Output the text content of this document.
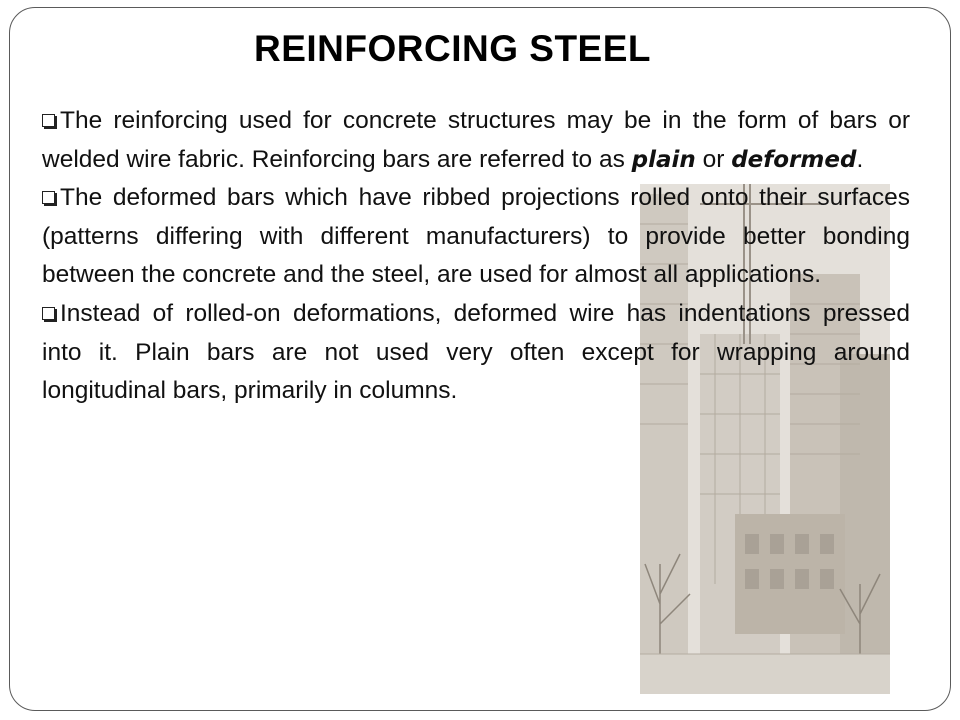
REINFORCING STEEL

The reinforcing used for concrete structures may be in the form of bars or welded wire fabric. Reinforcing bars are referred to as plain or deformed.

The deformed bars which have ribbed projections rolled onto their surfaces (patterns differing with different manufacturers) to provide better bonding between the concrete and the steel, are used for almost all applications.

Instead of rolled-on deformations, deformed wire has indentations pressed into it. Plain bars are not used very often except for wrapping around longitudinal bars, primarily in columns.
